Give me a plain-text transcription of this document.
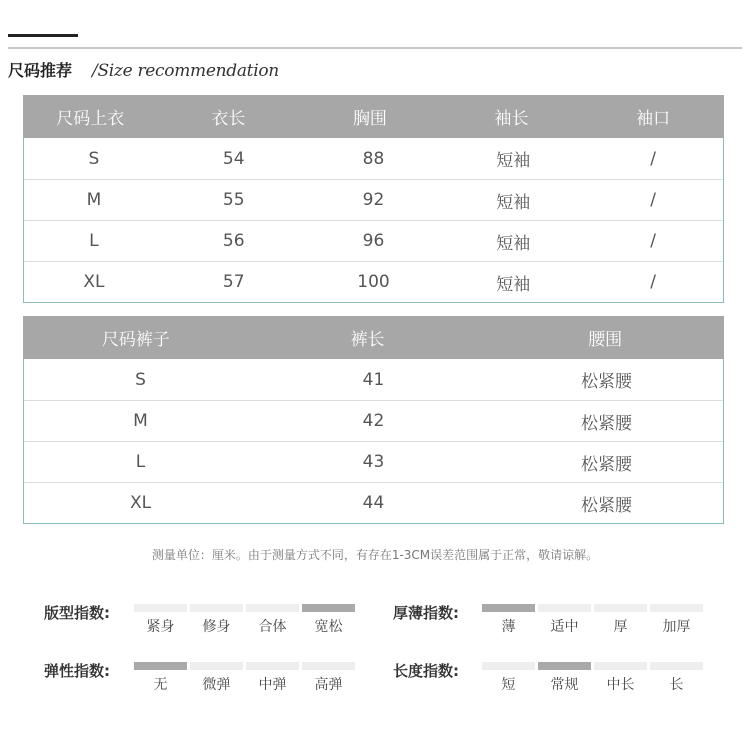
尺码推荐 /Size recommendation
尺码上衣	衣长	胸围	袖长	袖口
S	54	88	短袖	/
M	55	92	短袖	/
L	56	96	短袖	/
XL	57	100	短袖	/
尺码裤子	裤长	腰围
S	41	松紧腰
M	42	松紧腰
L	43	松紧腰
XL	44	松紧腰
测量单位：厘米。由于测量方式不同，有存在1-3CM误差范围属于正常，敬请谅解。
版型指数:
紧身	修身	合体	宽松
厚薄指数:
薄	适中	厚	加厚
弹性指数:
无	微弹	中弹	高弹
长度指数:
短	常规	中长	长
